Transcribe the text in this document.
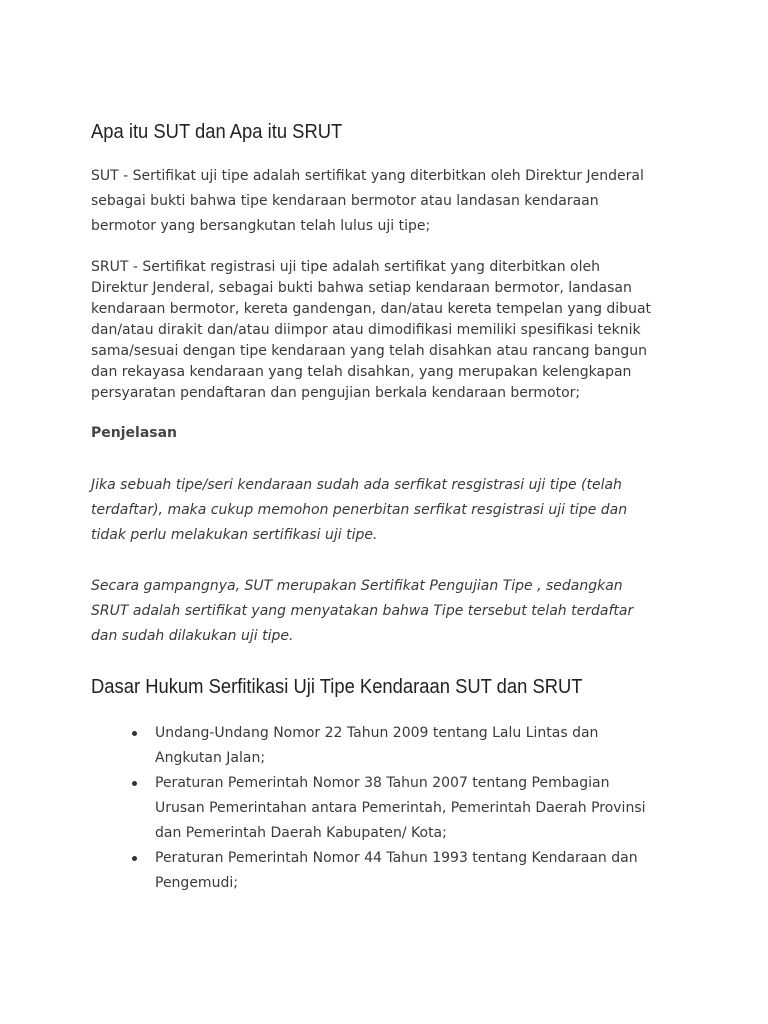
Apa itu SUT dan Apa itu SRUT

SUT - Sertifikat uji tipe adalah sertifikat yang diterbitkan oleh Direktur Jenderal
sebagai bukti bahwa tipe kendaraan bermotor atau landasan kendaraan
bermotor yang bersangkutan telah lulus uji tipe;

SRUT - Sertifikat registrasi uji tipe adalah sertifikat yang diterbitkan oleh
Direktur Jenderal, sebagai bukti bahwa setiap kendaraan bermotor, landasan
kendaraan bermotor, kereta gandengan, dan/atau kereta tempelan yang dibuat
dan/atau dirakit dan/atau diimpor atau dimodifikasi memiliki spesifikasi teknik
sama/sesuai dengan tipe kendaraan yang telah disahkan atau rancang bangun
dan rekayasa kendaraan yang telah disahkan, yang merupakan kelengkapan
persyaratan pendaftaran dan pengujian berkala kendaraan bermotor;

Penjelasan

Jika sebuah tipe/seri kendaraan sudah ada serfikat resgistrasi uji tipe (telah
terdaftar), maka cukup memohon penerbitan serfikat resgistrasi uji tipe dan
tidak perlu melakukan sertifikasi uji tipe.

Secara gampangnya, SUT merupakan Sertifikat Pengujian Tipe , sedangkan
SRUT adalah sertifikat yang menyatakan bahwa Tipe tersebut telah terdaftar
dan sudah dilakukan uji tipe.

Dasar Hukum Serfitikasi Uji Tipe Kendaraan SUT dan SRUT
Undang-Undang Nomor 22 Tahun 2009 tentang Lalu Lintas dan
Angkutan Jalan;
Peraturan Pemerintah Nomor 38 Tahun 2007 tentang Pembagian
Urusan Pemerintahan antara Pemerintah, Pemerintah Daerah Provinsi
dan Pemerintah Daerah Kabupaten/ Kota;
Peraturan Pemerintah Nomor 44 Tahun 1993 tentang Kendaraan dan
Pengemudi;
